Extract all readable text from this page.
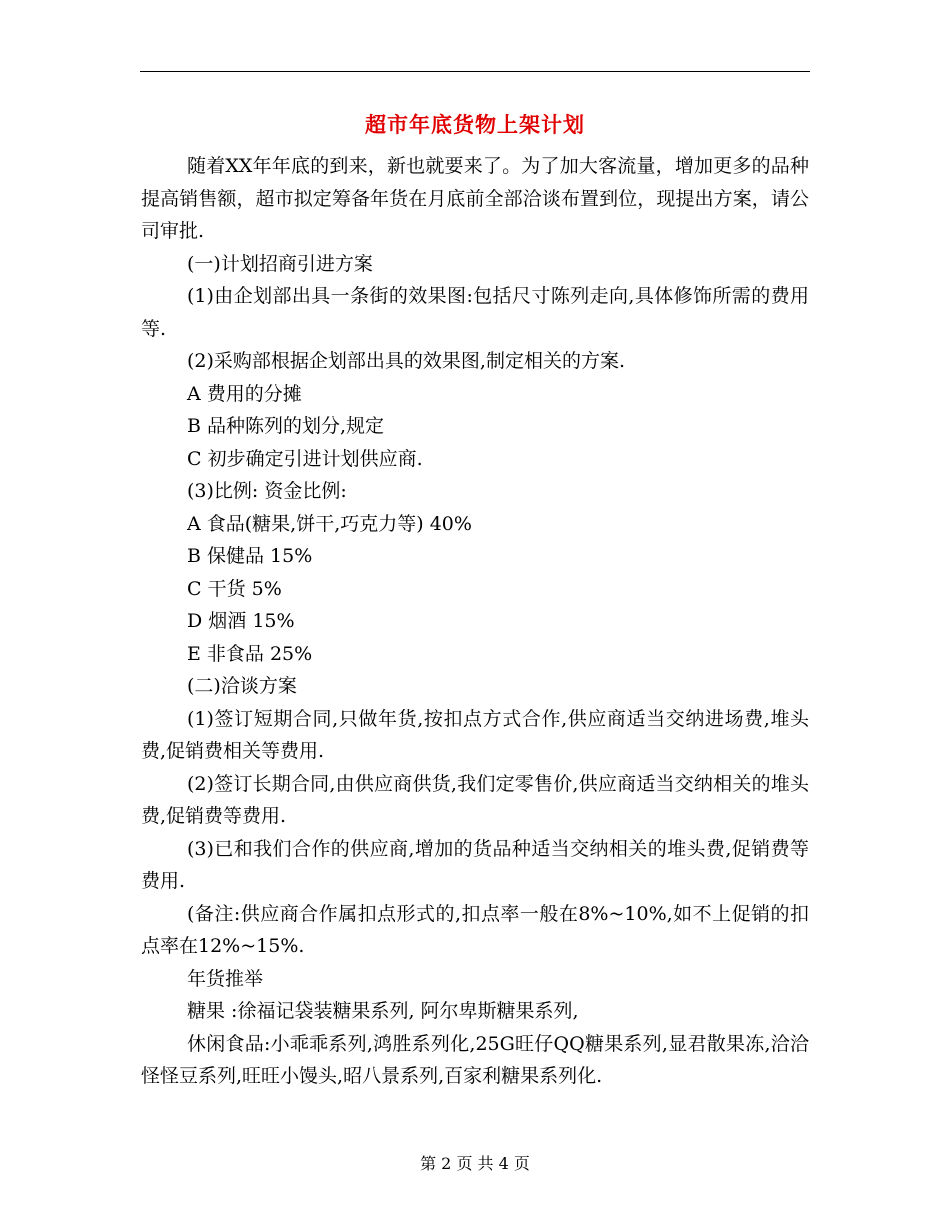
超市年底货物上架计划

随着XX年年底的到来，新也就要来了。为了加大客流量，增加更多的品种提高销售额，超市拟定筹备年货在月底前全部洽谈布置到位，现提出方案，请公司审批.

(一)计划招商引进方案

(1)由企划部出具一条街的效果图:包括尺寸陈列走向,具体修饰所需的费用等.

(2)采购部根据企划部出具的效果图,制定相关的方案.

A 费用的分摊

B 品种陈列的划分,规定

C 初步确定引进计划供应商.

(3)比例: 资金比例:

A 食品(糖果,饼干,巧克力等) 40%

B 保健品 15%

C 干货 5%

D 烟酒 15%

E 非食品 25%

(二)洽谈方案

(1)签订短期合同,只做年货,按扣点方式合作,供应商适当交纳进场费,堆头费,促销费相关等费用.

(2)签订长期合同,由供应商供货,我们定零售价,供应商适当交纳相关的堆头费,促销费等费用.

(3)已和我们合作的供应商,增加的货品种适当交纳相关的堆头费,促销费等费用.

(备注:供应商合作属扣点形式的,扣点率一般在8%~10%,如不上促销的扣点率在12%~15%.

年货推举

糖果 :徐福记袋装糖果系列, 阿尔卑斯糖果系列,

休闲食品:小乖乖系列,鸿胜系列化,25G旺仔QQ糖果系列,显君散果冻,洽洽怪怪豆系列,旺旺小馒头,昭八景系列,百家利糖果系列化.

第 2 页 共 4 页
